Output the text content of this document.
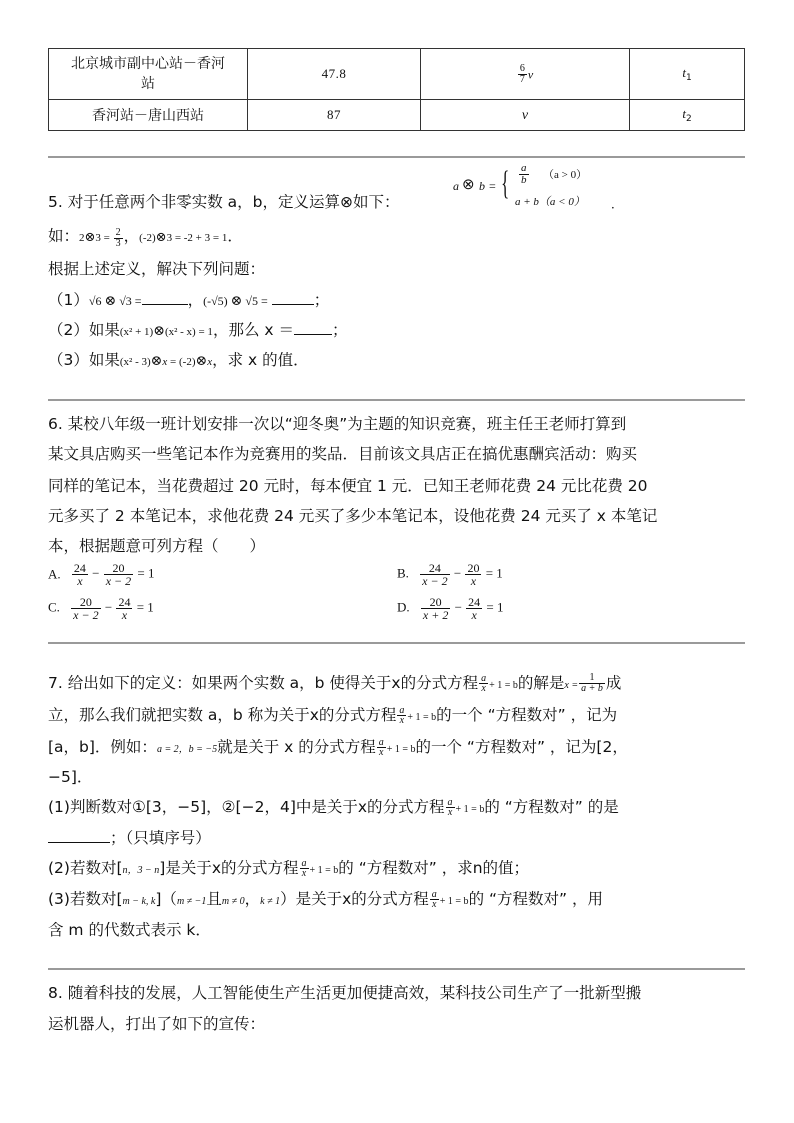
北京城市副中心站－香河站	47.8	$\frac{6}{7}$ v	$t_1$
香河站－唐山西站	87	v	$t_2$
5. 对于任意两个非零实数 a，b，定义运算⊗如下：
a ⊗ b = { $\frac{a}{b} (a > 0)$
a + b（a < 0） ．
如：2⊗3 = $\frac{2}{3}$ ，(-2)⊗3 = -2 + 3 = 1．
根据上述定义，解决下列问题：
（1）√6 ⊗ √3 =	，(-√5) ⊗ √5 =	；
（2）如果(x² + 1)⊗(x² - x) = 1，那么 x ＝ ；
（3）如果(x² - 3)⊗x = (-2)⊗x，求 x 的值．
6. 某校八年级一班计划安排一次以“迎冬奥”为主题的知识竞赛，班主任王老师打算到
某文具店购买一些笔记本作为竞赛用的奖品．目前该文具店正在搞优惠酬宾活动：购买
同样的笔记本，当花费超过 20 元时，每本便宜 1 元．已知王老师花费 24 元比花费 20
元多买了 2 本笔记本，求他花费 24 元买了多少本笔记本，设他花费 24 元买了 x 本笔记
本，根据题意可列方程（　　）
A. $\frac{24}{x} - \frac{20}{x - 2} = 1$	B. $\frac{24}{x - 2} - \frac{20}{x} = 1$
C. $\frac{20}{x - 2} - \frac{24}{x} = 1$	D. $\frac{20}{x + 2} - \frac{24}{x} = 1$
7. 给出如下的定义：如果两个实数 a，b 使得关于x的分式方程 $\frac{a}{x} + 1 = b$的解是$x = \frac{1}{a + b}$ 成
立，那么我们就把实数 a，b 称为关于x的分式方程 $\frac{a}{x} + 1 = b$的一个 “方程数对” ，记为
[a，b]．例如：a = 2，b = −5就是关于 x 的分式方程 $\frac{a}{x} + 1 = b$的一个 “方程数对” ，记为[2，
−5]．
(1)判断数对①[3，−5]，②[−2，4]中是关于x的分式方程 $\frac{a}{x} + 1 = b$的 “方程数对” 的是
；（只填序号）
(2)若数对[n，3 − n]是关于x的分式方程 $\frac{a}{x} + 1 = b$的 “方程数对” ，求n的值；
(3)若数对[m − k, k]（m ≠ −1且m ≠ 0，k ≠ 1）是关于x的分式方程 $\frac{a}{x} + 1 = b$的 “方程数对” ，用
含 m 的代数式表示 k．
8. 随着科技的发展，人工智能使生产生活更加便捷高效，某科技公司生产了一批新型搬
运机器人，打出了如下的宣传：
